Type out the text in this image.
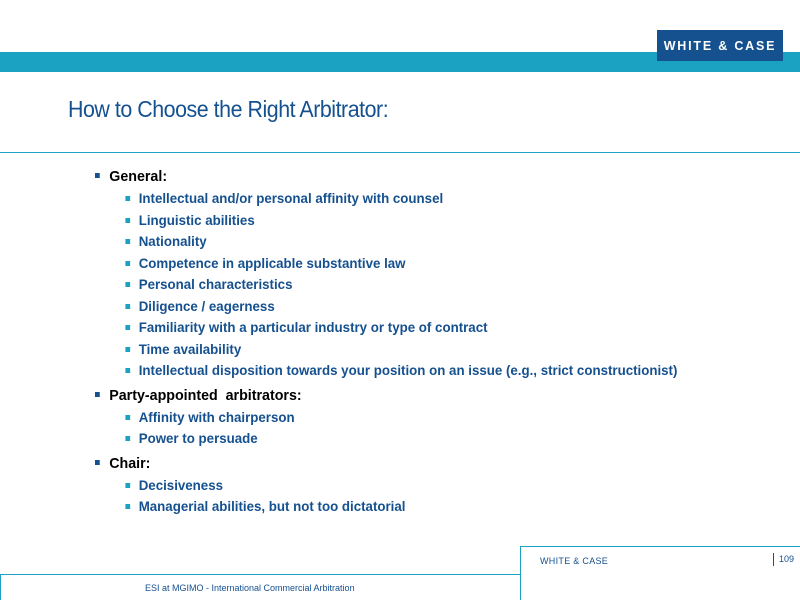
WHITE & CASE
How to Choose the Right Arbitrator:
General:
Intellectual and/or personal affinity with counsel
Linguistic abilities
Nationality
Competence in applicable substantive law
Personal characteristics
Diligence / eagerness
Familiarity with a particular industry or type of contract
Time availability
Intellectual disposition towards your position on an issue (e.g., strict constructionist)
Party-appointed  arbitrators:
Affinity with chairperson
Power to persuade
Chair:
Decisiveness
Managerial abilities, but not too dictatorial
WHITE & CASE	109
ESI at MGIMO - International Commercial Arbitration
